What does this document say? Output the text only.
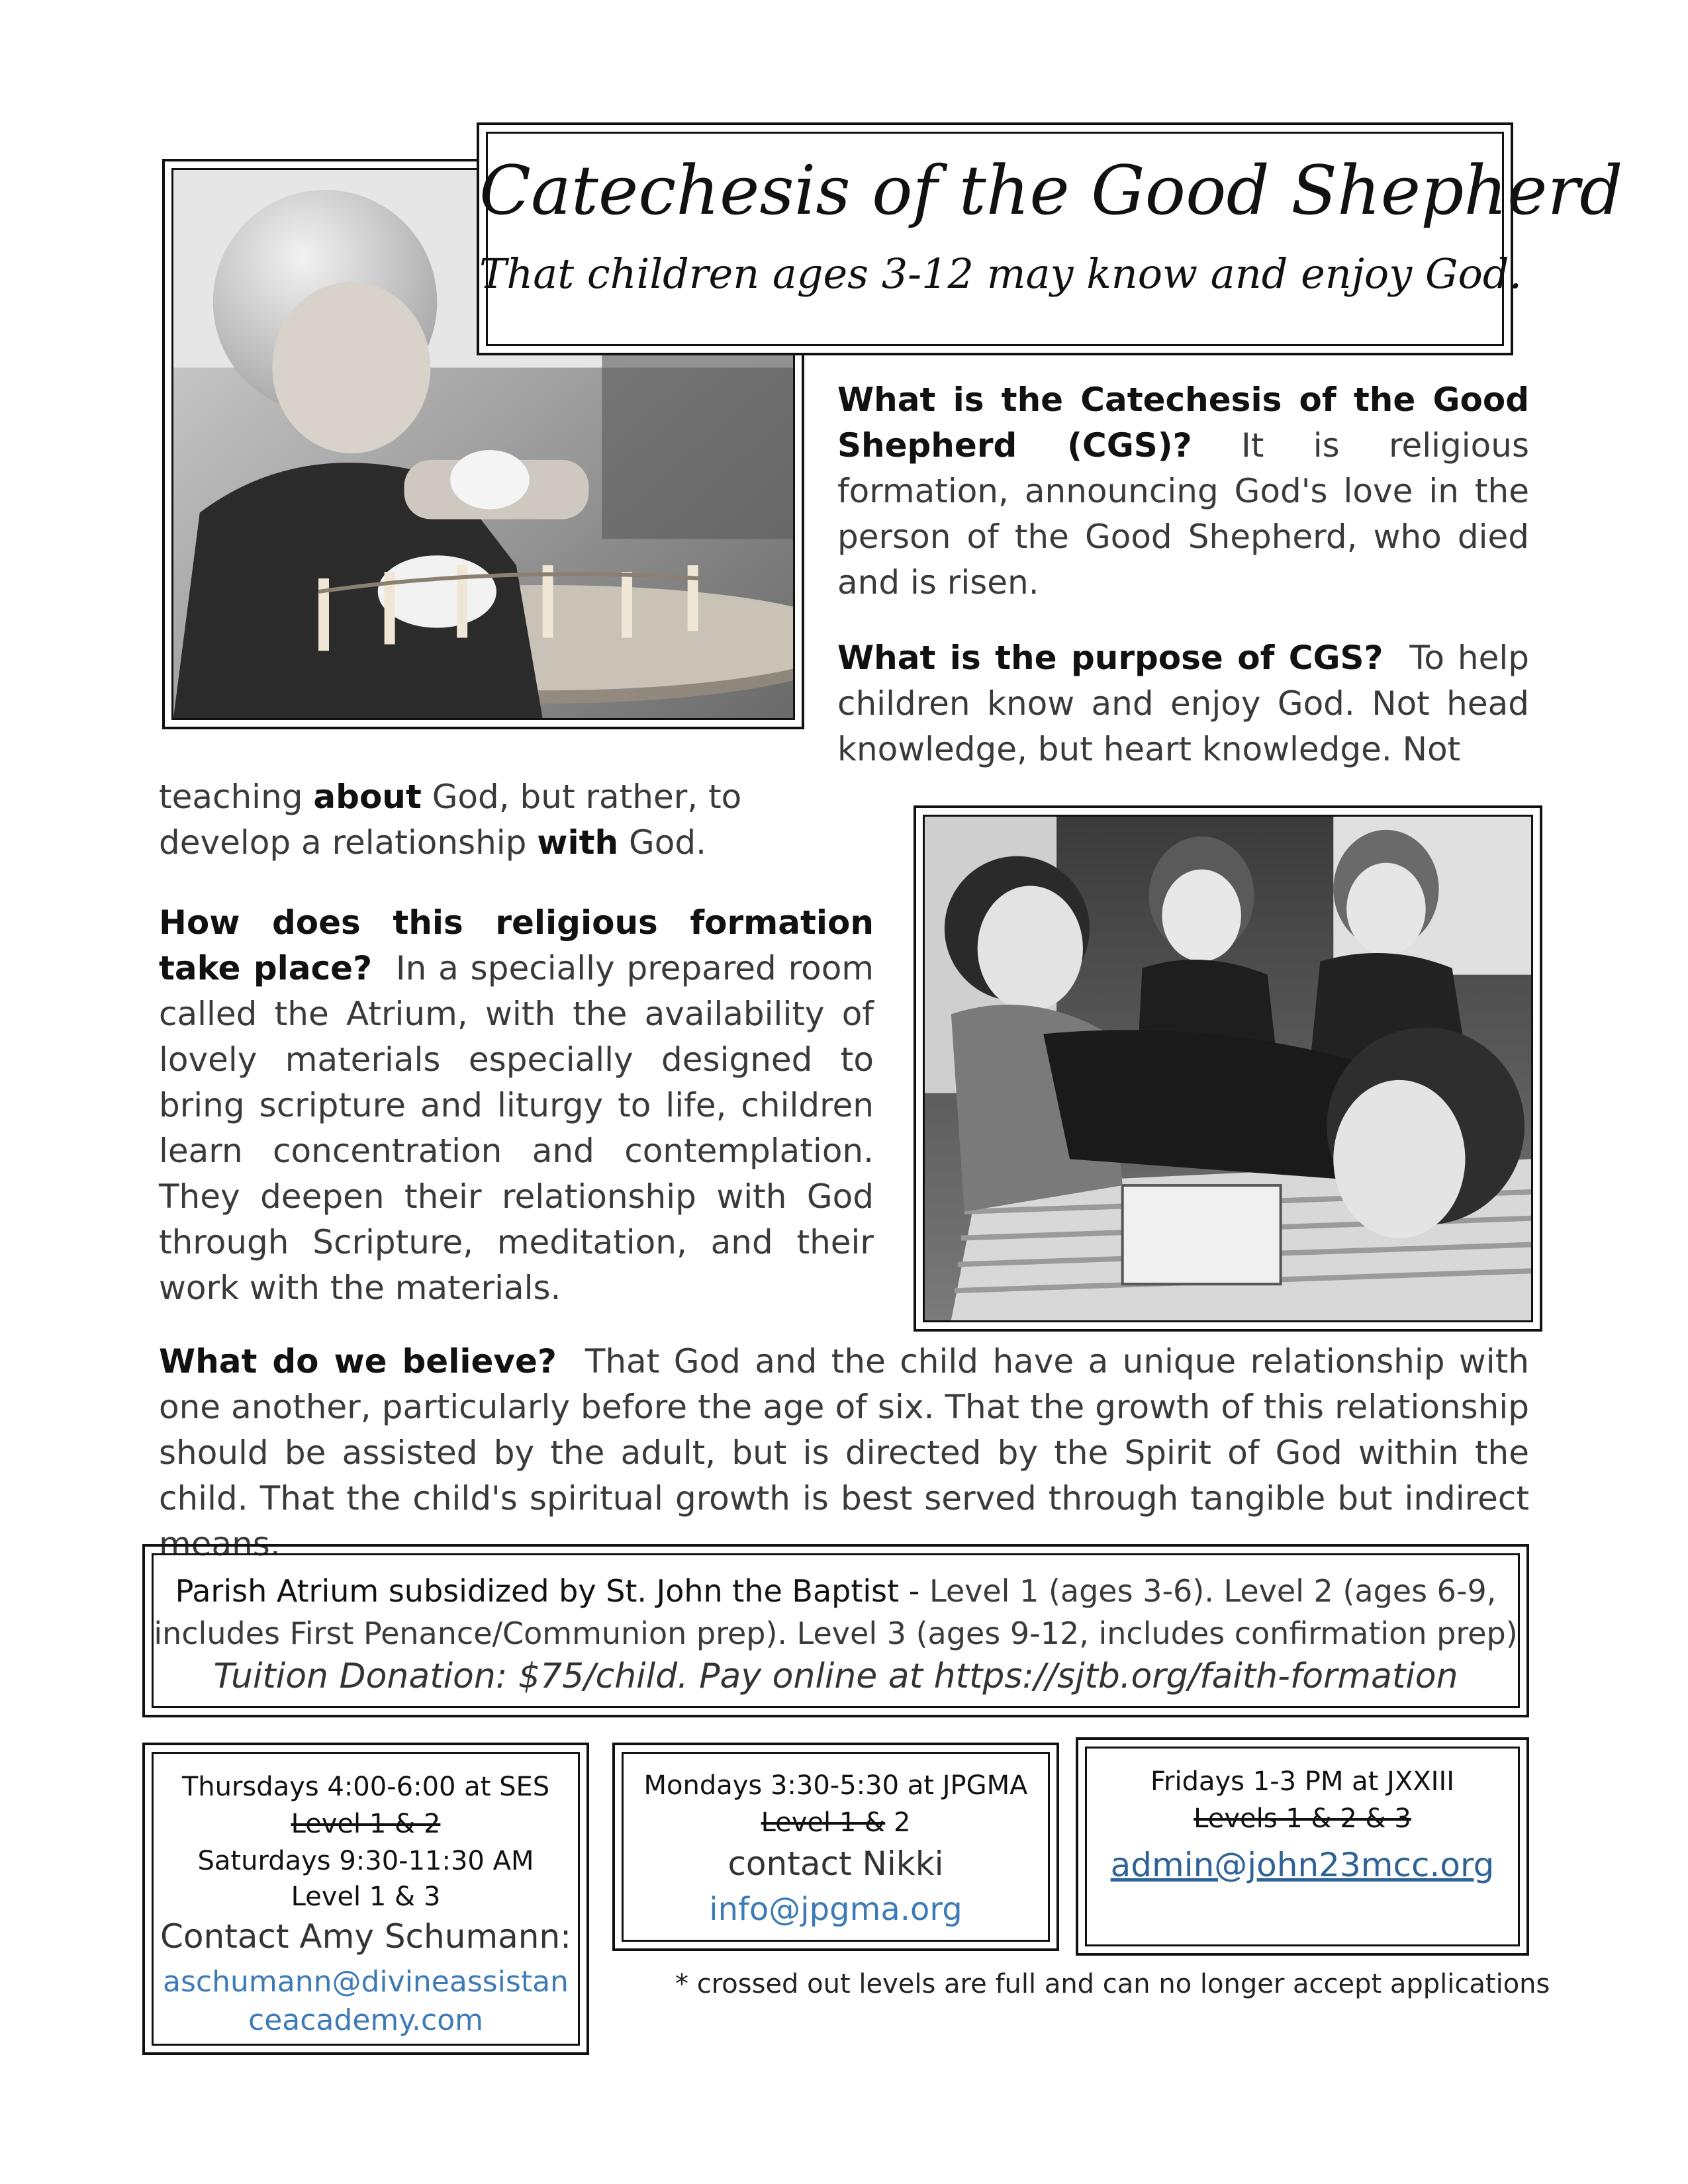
Catechesis of the Good Shepherd
That children ages 3-12 may know and enjoy God.
What is the Catechesis of the Good Shepherd (CGS)? It is religious formation, announcing God's love in the person of the Good Shepherd, who died and is risen.
What is the purpose of CGS? To help children know and enjoy God. Not head knowledge, but heart knowledge. Not
teaching about God, but rather, to develop a relationship with God.
How does this religious formation take place? In a specially prepared room called the Atrium, with the availability of lovely materials especially designed to bring scripture and liturgy to life, children learn concentration and contemplation. They deepen their relationship with God through Scripture, meditation, and their work with the materials.
What do we believe? That God and the child have a unique relationship with one another, particularly before the age of six. That the growth of this relationship should be assisted by the adult, but is directed by the Spirit of God within the child. That the child's spiritual growth is best served through tangible but indirect means.
Parish Atrium subsidized by St. John the Baptist - Level 1 (ages 3-6). Level 2 (ages 6-9,
includes First Penance/Communion prep). Level 3 (ages 9-12, includes confirmation prep)
Tuition Donation: $75/child. Pay online at https://sjtb.org/faith-formation
Thursdays 4:00-6:00 at SES
Level 1 & 2
Saturdays 9:30-11:30 AM
Level 1 & 3
Contact Amy Schumann:
aschumann@divineassistan
ceacademy.com
Mondays 3:30-5:30 at JPGMA
Level 1 & 2
contact Nikki
info@jpgma.org
Fridays 1-3 PM at JXXIII
Levels 1 & 2 & 3
admin@john23mcc.org
* crossed out levels are full and can no longer accept applications
